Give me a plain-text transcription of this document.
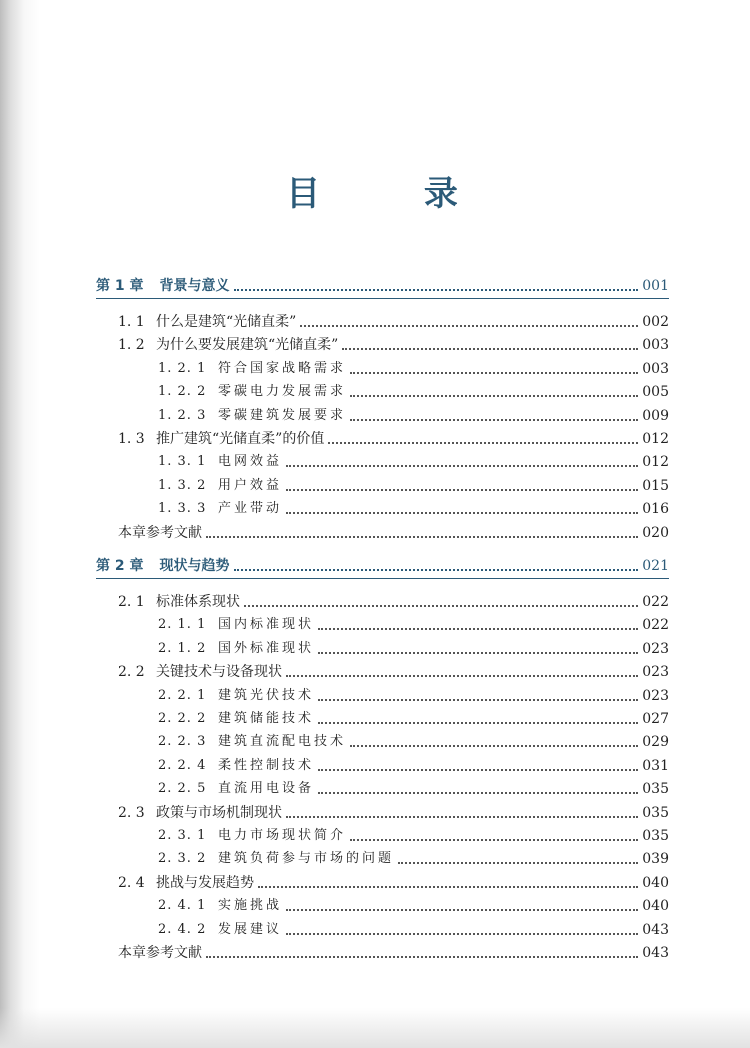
目 录
第 1 章 背景与意义	001
1. 1 什么是建筑“光储直柔”	002
1. 2 为什么要发展建筑“光储直柔”	003
1. 2. 1 符合国家战略需求	003
1. 2. 2 零碳电力发展需求	005
1. 2. 3 零碳建筑发展要求	009
1. 3 推广建筑“光储直柔”的价值	012
1. 3. 1 电网效益	012
1. 3. 2 用户效益	015
1. 3. 3 产业带动	016
本章参考文献	020
第 2 章 现状与趋势	021
2. 1 标准体系现状	022
2. 1. 1 国内标准现状	022
2. 1. 2 国外标准现状	023
2. 2 关键技术与设备现状	023
2. 2. 1 建筑光伏技术	023
2. 2. 2 建筑储能技术	027
2. 2. 3 建筑直流配电技术	029
2. 2. 4 柔性控制技术	031
2. 2. 5 直流用电设备	035
2. 3 政策与市场机制现状	035
2. 3. 1 电力市场现状简介	035
2. 3. 2 建筑负荷参与市场的问题	039
2. 4 挑战与发展趋势	040
2. 4. 1 实施挑战	040
2. 4. 2 发展建议	043
本章参考文献	043
